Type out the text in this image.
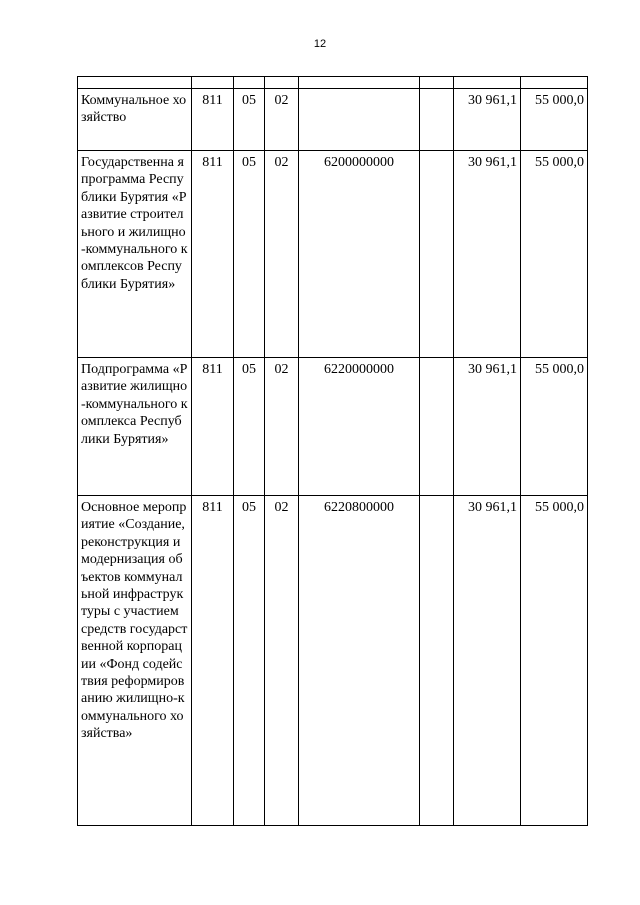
12

Коммунальное хозяйство	811	05	02			30 961,1	55 000,0
Государственна я программа Республики Бурятия «Развитие строительного и жилищно-коммунального комплексов Республики Бурятия»	811	05	02	6200000000		30 961,1	55 000,0
Подпрограмма «Развитие жилищно-коммунального комплекса Республики Бурятия»	811	05	02	6220000000		30 961,1	55 000,0
Основное мероприятие «Создание, реконструкция и модернизация объектов коммунальной инфраструктуры с участием средств государственной корпорации «Фонд содействия реформированию жилищно-коммунального хозяйства»	811	05	02	6220800000		30 961,1	55 000,0
